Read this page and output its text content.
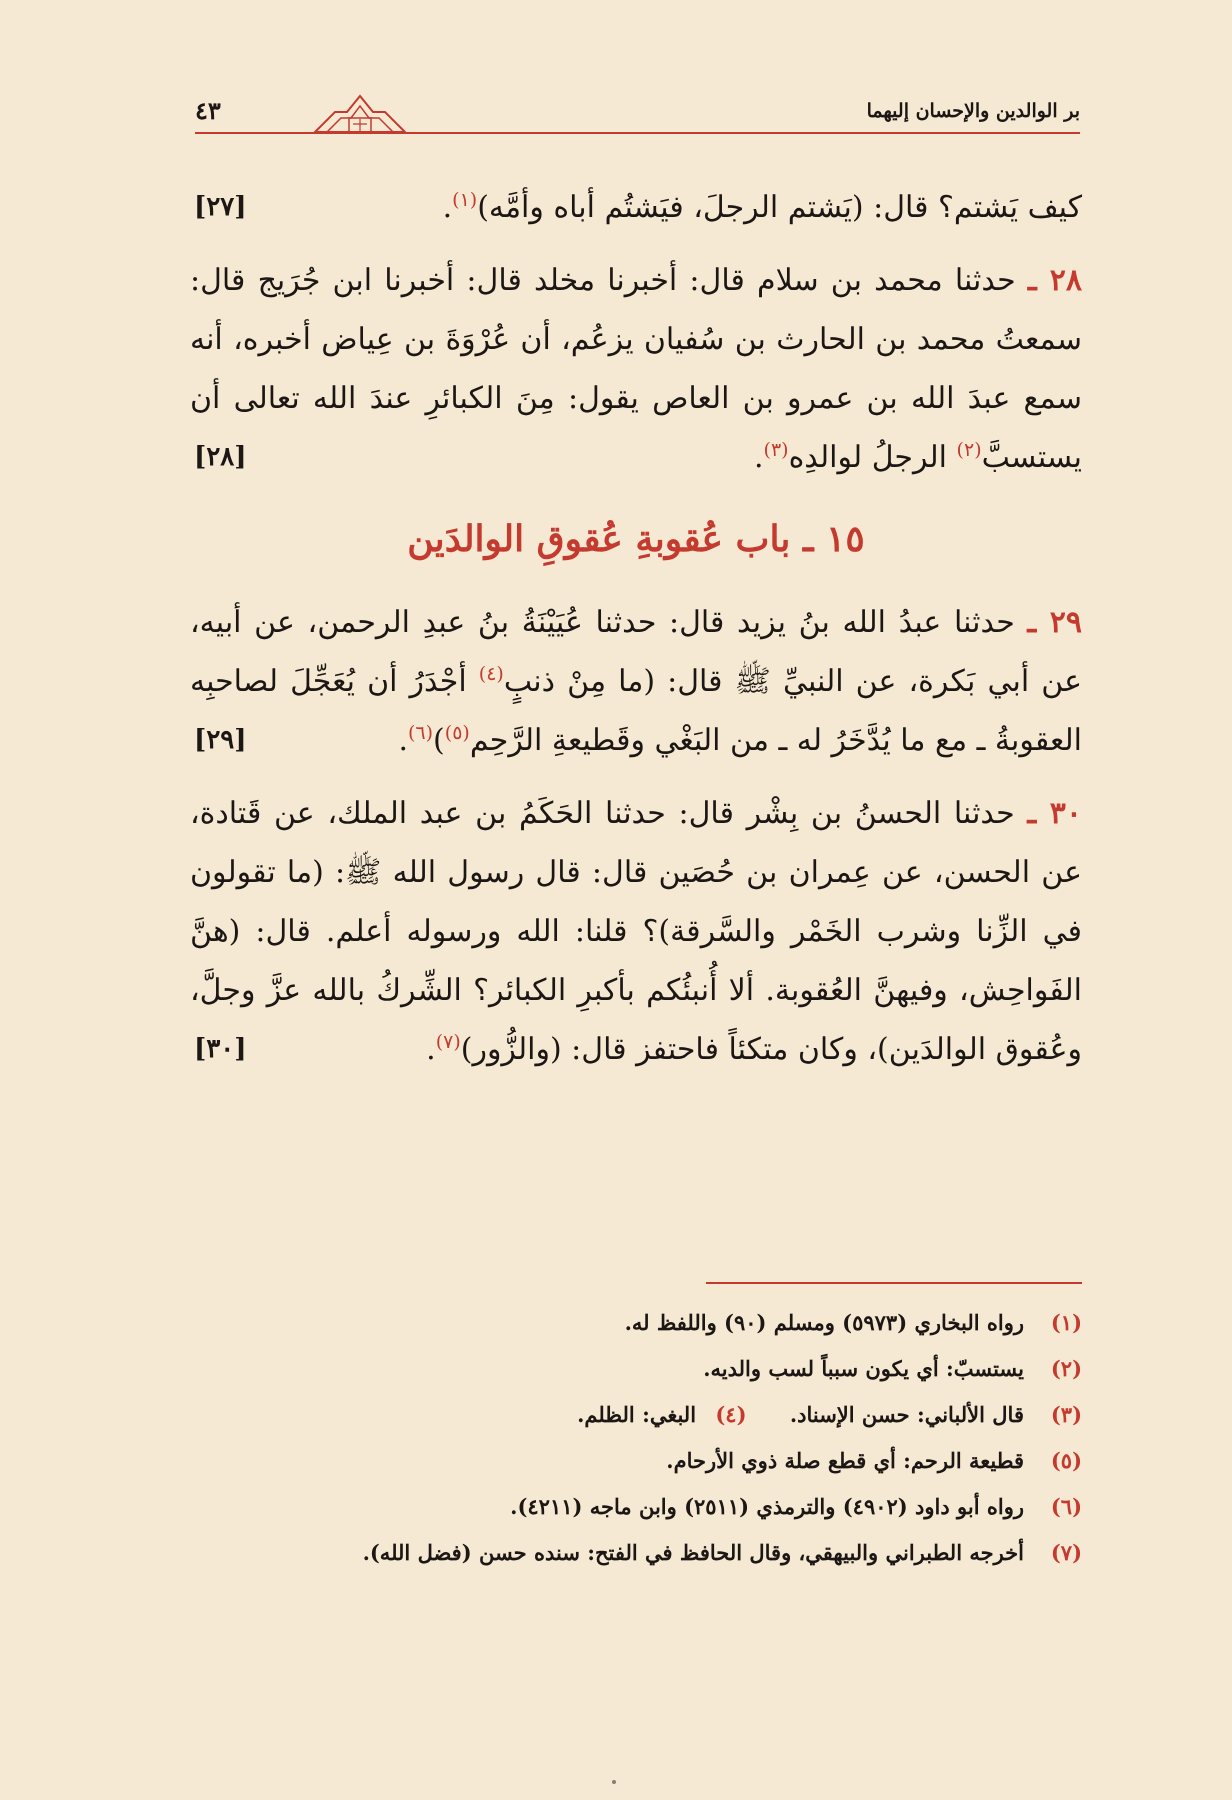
بر الوالدين والإحسان إليهما
٤٣

[٢٧]	كيف يَشتم؟ قال: (يَشتم الرجلَ، فيَشتُم أباه وأمَّه)$^{(١)}$.

٢٨ ـ حدثنا محمد بن سلام قال: أخبرنا مخلد قال: أخبرنا ابن جُرَيج قال: سمعتُ محمد بن الحارث بن سُفيان يزعُم، أن عُرْوَةَ بن عِياض أخبره، أنه سمع عبدَ الله بن عمرو بن العاص يقول: مِنَ الكبائرِ عندَ الله تعالى أن يستسبَّ$^{(٢)}$ الرجلُ لوالدِه$^{(٣)}$.
[٢٨]

١٥ ـ باب عُقوبةِ عُقوقِ الوالدَين

٢٩ ـ حدثنا عبدُ الله بنُ يزيد قال: حدثنا عُيَيْنَةُ بنُ عبدِ الرحمن، عن أبيه، عن أبي بَكرة، عن النبيِّ ﷺ قال: (ما مِنْ ذنبٍ$^{(٤)}$ أجْدَرُ أن يُعَجِّلَ لصاحبِه العقوبةُ ـ مع ما يُدَّخَرُ له ـ من البَغْي وقَطيعةِ الرَّحِم$^{(٥)}$)$^{(٦)}$.
[٢٩]

٣٠ ـ حدثنا الحسنُ بن بِشْر قال: حدثنا الحَكَمُ بن عبد الملك، عن قَتادة، عن الحسن، عن عِمران بن حُصَين قال: قال رسول الله ﷺ: (ما تقولون في الزِّنا وشرب الخَمْر والسَّرقة)؟ قلنا: الله ورسوله أعلم. قال: (هنَّ الفَواحِش، وفيهنَّ العُقوبة. ألا أُنبئُكم بأكبرِ الكبائر؟ الشِّركُ بالله عزَّ وجلَّ، وعُقوق الوالدَين)، وكان متكئاً فاحتفز قال: (والزُّور)$^{(٧)}$.
[٣٠]

(١)
رواه البخاري (٥٩٧٣) ومسلم (٩٠) واللفظ له.
(٢)
يستسبّ: أي يكون سبباً لسب والديه.
(٣)
قال الألباني: حسن الإسناد. (٤) البغي: الظلم.
(٥)
قطيعة الرحم: أي قطع صلة ذوي الأرحام.
(٦)
رواه أبو داود (٤٩٠٢) والترمذي (٢٥١١) وابن ماجه (٤٢١١).
(٧)
أخرجه الطبراني والبيهقي، وقال الحافظ في الفتح: سنده حسن (فضل الله).
